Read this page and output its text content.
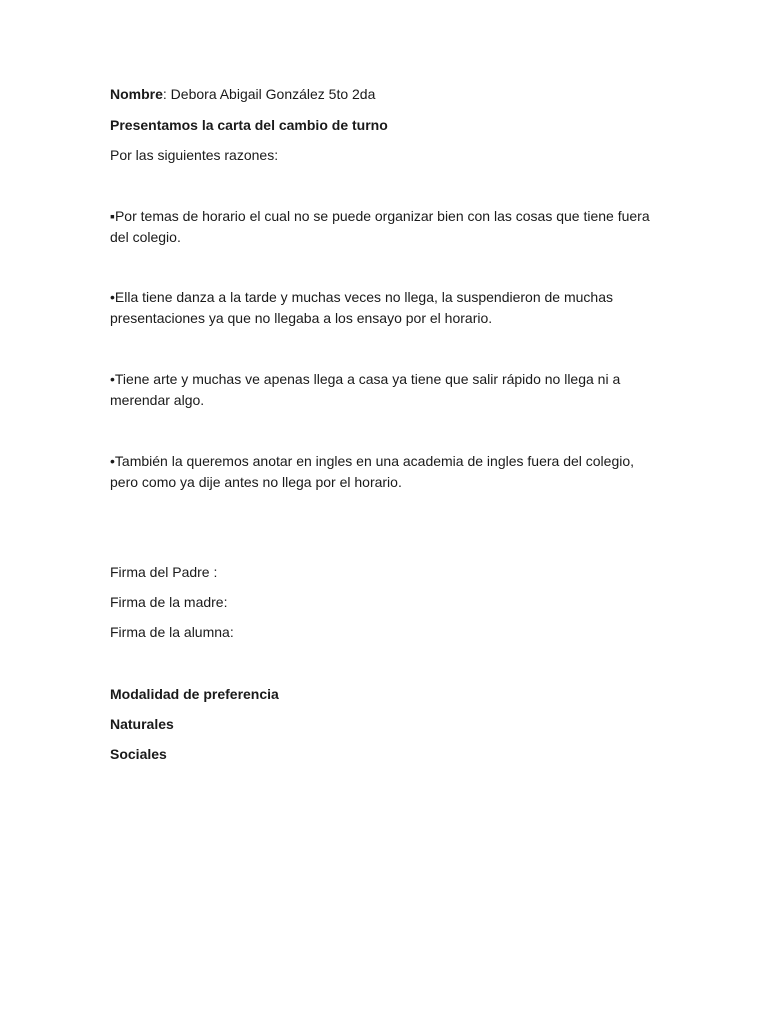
Nombre: Debora Abigail González 5to 2da

Presentamos la carta del cambio de turno

Por las siguientes razones:

▪Por temas de horario el cual no se puede organizar bien con las cosas que tiene fuera del colegio.

•Ella tiene danza a la tarde y muchas veces no llega, la suspendieron de muchas presentaciones ya que no llegaba a los ensayo por el horario.

•Tiene arte y muchas ve apenas llega a casa ya tiene que salir rápido no llega ni a merendar algo.

•También la queremos anotar en ingles en una academia de ingles fuera del colegio, pero como ya dije antes no llega por el horario.

Firma del Padre :

Firma de la madre:

Firma de la alumna:

Modalidad de preferencia

Naturales

Sociales
